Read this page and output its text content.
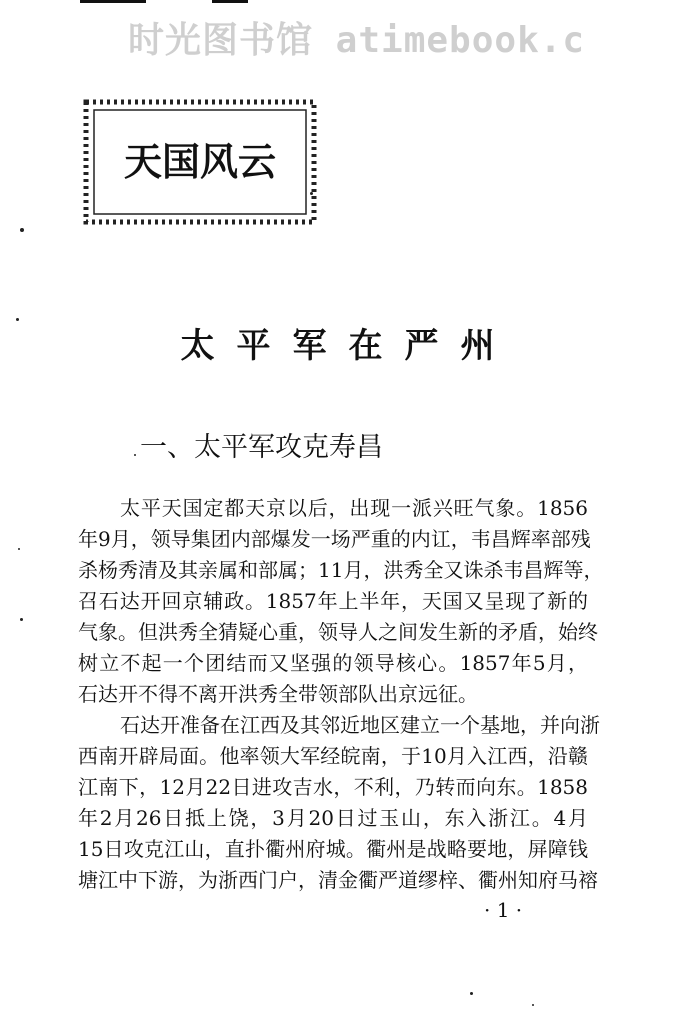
时光图书馆 atimebook.c
天国风云
太平军在严州
一、太平军攻克寿昌
太平天国定都天京以后，出现一派兴旺气象。1856
年9月，领导集团内部爆发一场严重的内讧，韦昌辉率部残
杀杨秀清及其亲属和部属；11月，洪秀全又诛杀韦昌辉等，
召石达开回京辅政。1857年上半年，天国又呈现了新的
气象。但洪秀全猜疑心重，领导人之间发生新的矛盾，始终
树立不起一个团结而又坚强的领导核心。1857年5月，
石达开不得不离开洪秀全带领部队出京远征。
石达开准备在江西及其邻近地区建立一个基地，并向浙
西南开辟局面。他率领大军经皖南，于10月入江西，沿赣
江南下，12月22日进攻吉水，不利，乃转而向东。1858
年2月26日抵上饶，3月20日过玉山，东入浙江。4月
15日攻克江山，直扑衢州府城。衢州是战略要地，屏障钱
塘江中下游，为浙西门户，清金衢严道缪梓、衢州知府马褣
· 1 ·
